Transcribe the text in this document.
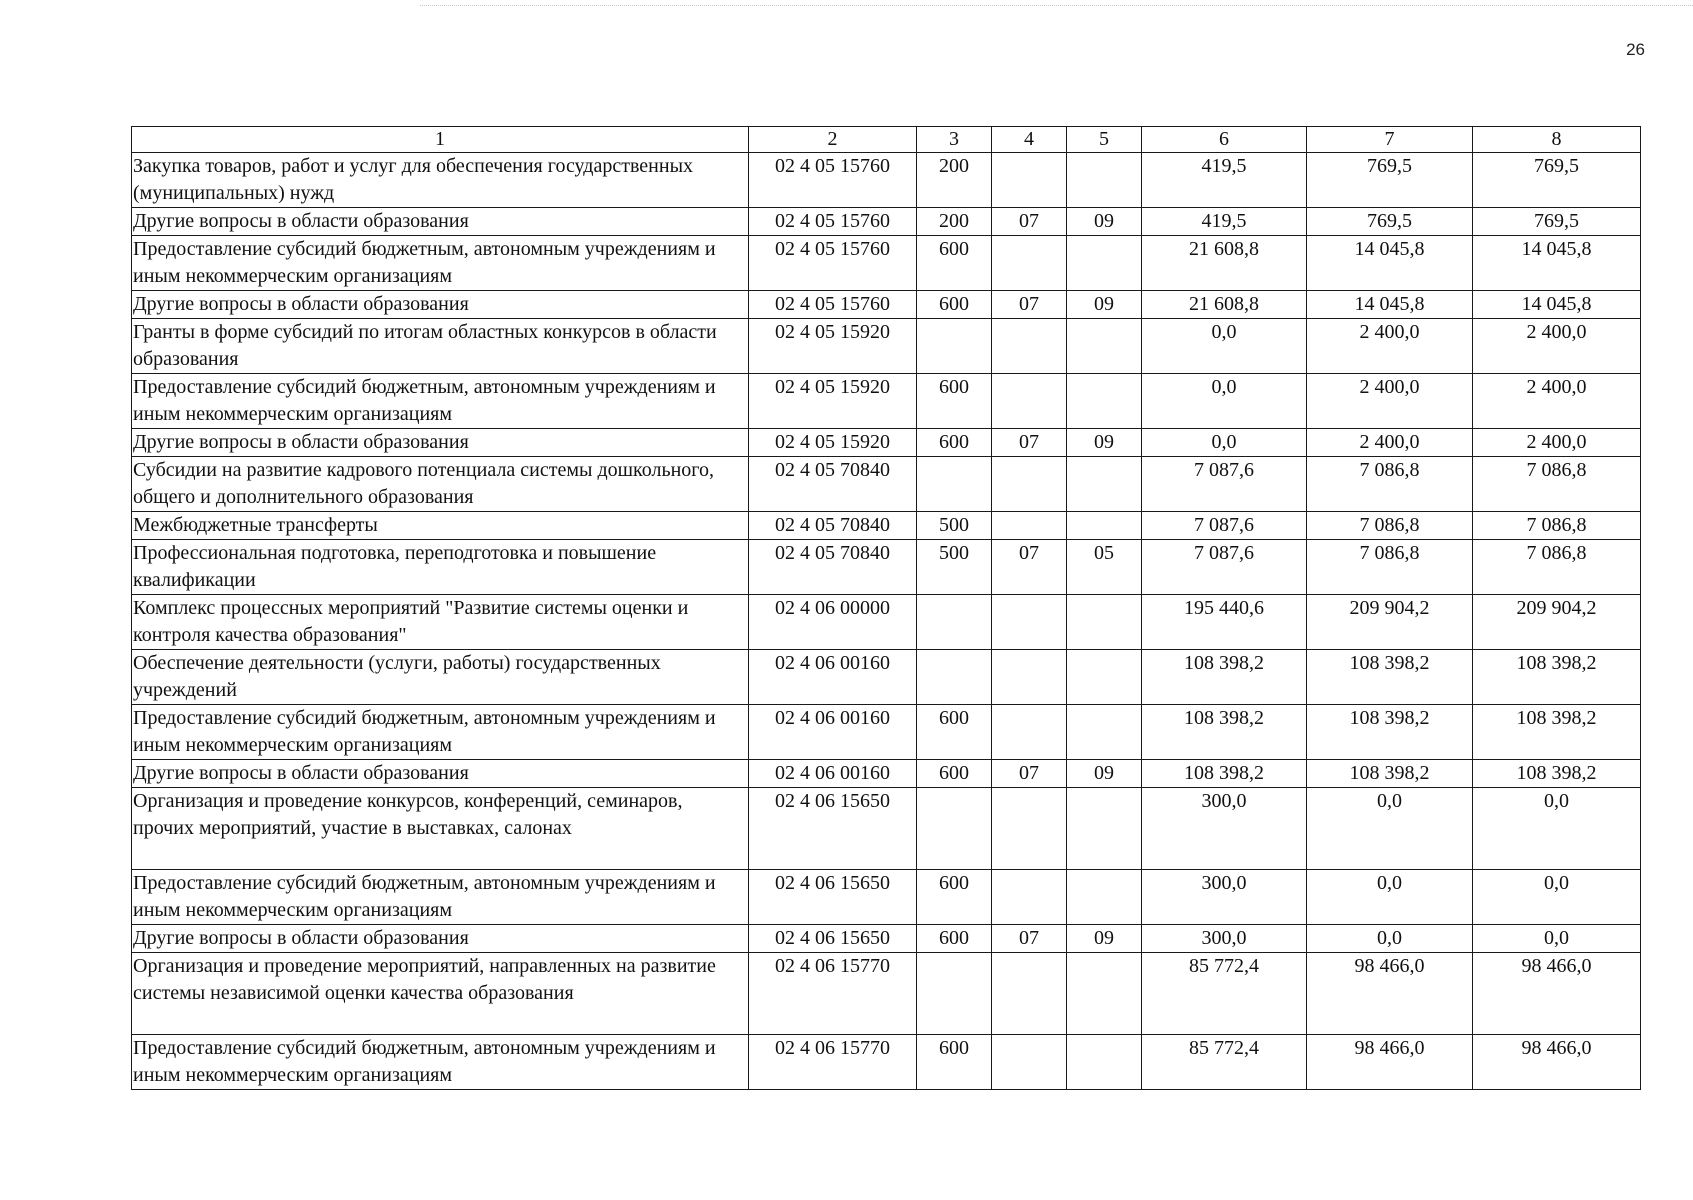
26
1	2	3	4	5	6	7	8
Закупка товаров, работ и услуг для обеспечения государственных (муниципальных) нужд	02 4 05 15760	200			419,5	769,5	769,5
Другие вопросы в области образования	02 4 05 15760	200	07	09	419,5	769,5	769,5
Предоставление субсидий бюджетным, автономным учреждениям и иным некоммерческим организациям	02 4 05 15760	600			21 608,8	14 045,8	14 045,8
Другие вопросы в области образования	02 4 05 15760	600	07	09	21 608,8	14 045,8	14 045,8
Гранты в форме субсидий по итогам областных конкурсов в области образования	02 4 05 15920				0,0	2 400,0	2 400,0
Предоставление субсидий бюджетным, автономным учреждениям и иным некоммерческим организациям	02 4 05 15920	600			0,0	2 400,0	2 400,0
Другие вопросы в области образования	02 4 05 15920	600	07	09	0,0	2 400,0	2 400,0
Субсидии на развитие кадрового потенциала системы дошкольного, общего и дополнительного образования	02 4 05 70840				7 087,6	7 086,8	7 086,8
Межбюджетные трансферты	02 4 05 70840	500			7 087,6	7 086,8	7 086,8
Профессиональная подготовка, переподготовка и повышение квалификации	02 4 05 70840	500	07	05	7 087,6	7 086,8	7 086,8
Комплекс процессных мероприятий "Развитие системы оценки и контроля качества образования"	02 4 06 00000				195 440,6	209 904,2	209 904,2
Обеспечение деятельности (услуги, работы) государственных учреждений	02 4 06 00160				108 398,2	108 398,2	108 398,2
Предоставление субсидий бюджетным, автономным учреждениям и иным некоммерческим организациям	02 4 06 00160	600			108 398,2	108 398,2	108 398,2
Другие вопросы в области образования	02 4 06 00160	600	07	09	108 398,2	108 398,2	108 398,2
Организация и проведение конкурсов, конференций, семинаров, прочих мероприятий, участие в выставках, салонах	02 4 06 15650				300,0	0,0	0,0
Предоставление субсидий бюджетным, автономным учреждениям и иным некоммерческим организациям	02 4 06 15650	600			300,0	0,0	0,0
Другие вопросы в области образования	02 4 06 15650	600	07	09	300,0	0,0	0,0
Организация и проведение мероприятий, направленных на развитие системы независимой оценки качества образования	02 4 06 15770				85 772,4	98 466,0	98 466,0
Предоставление субсидий бюджетным, автономным учреждениям и иным некоммерческим организациям	02 4 06 15770	600			85 772,4	98 466,0	98 466,0
